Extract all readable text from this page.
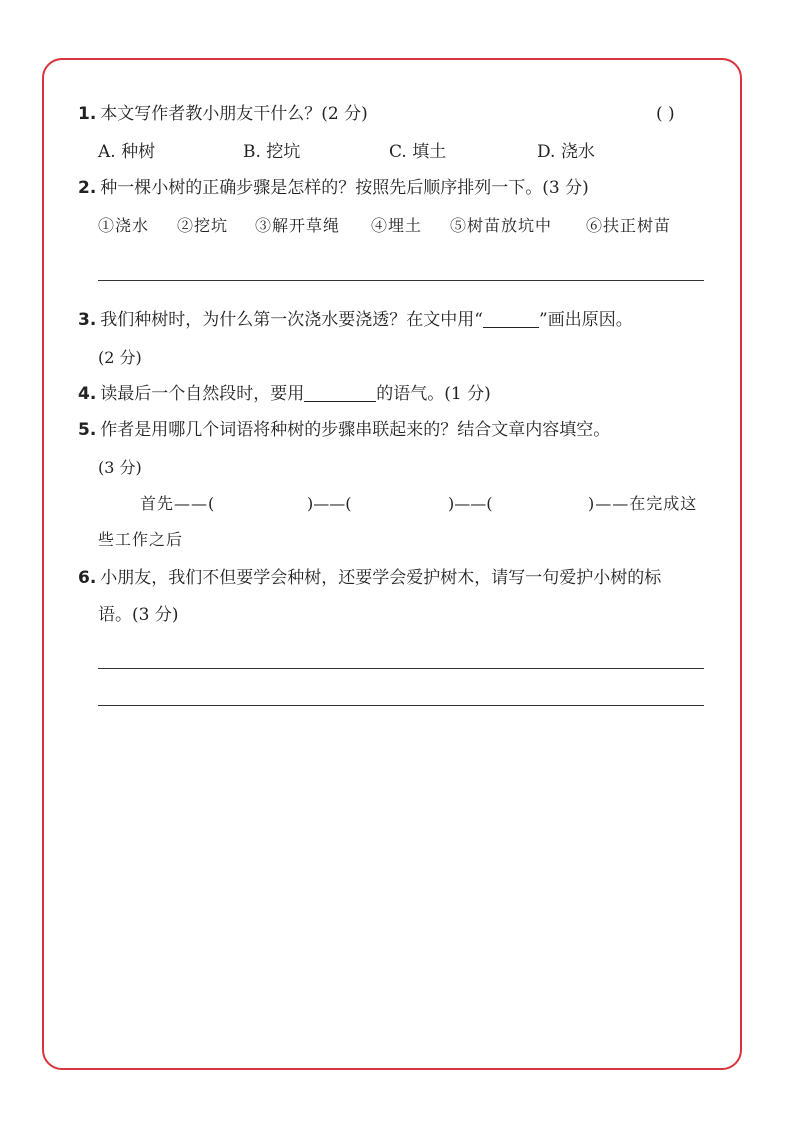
1. 本文写作者教小朋友干什么？(2 分)	( )
A. 种树	B. 挖坑	C. 填土	D. 浇水
2. 种一棵小树的正确步骤是怎样的？按照先后顺序排列一下。(3 分)
①浇水 ②挖坑 ③解开草绳 ④埋土 ⑤树苗放坑中 ⑥扶正树苗
3. 我们种树时，为什么第一次浇水要浇透？在文中用“	”画出原因。
(2 分)
4. 读最后一个自然段时，要用	的语气。(1 分)
5. 作者是用哪几个词语将种树的步骤串联起来的？结合文章内容填空。
(3 分)
首先——(	)——(	)——(	)——在完成这
些工作之后
6. 小朋友，我们不但要学会种树，还要学会爱护树木，请写一句爱护小树的标
语。(3 分)
